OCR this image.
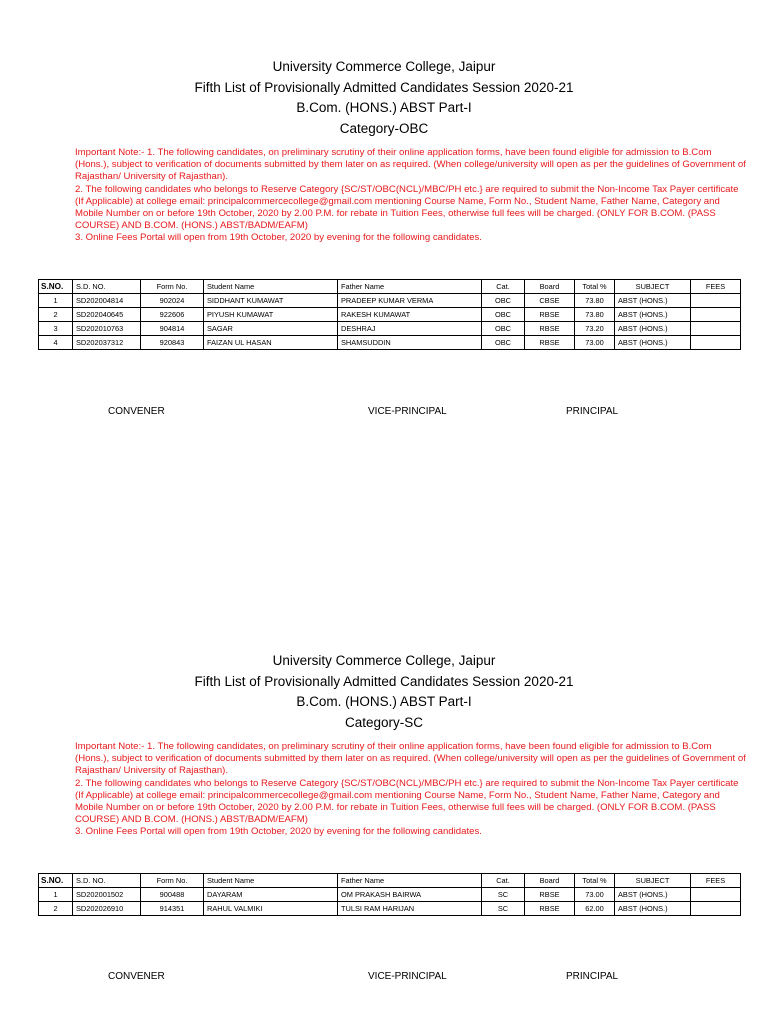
University Commerce College, Jaipur

Fifth List of Provisionally Admitted Candidates Session 2020-21

B.Com. (HONS.) ABST Part-I

Category-OBC

Important Note:- 1. The following candidates, on preliminary scrutiny of their online application forms, have been found eligible for admission to B.Com (Hons.), subject to verification of documents submitted by them later on as required. (When college/university will open as per the guidelines of Government of Rajasthan/ University of Rajasthan).

2. The following candidates who belongs to Reserve Category {SC/ST/OBC(NCL)/MBC/PH etc.} are required to submit the Non-Income Tax Payer certificate (If Applicable) at college email: principalcommercecollege@gmail.com mentioning Course Name, Form No., Student Name, Father Name, Category and Mobile Number on or before 19th October, 2020 by 2.00 P.M. for rebate in Tuition Fees, otherwise full fees will be charged. (ONLY FOR B.COM. (PASS COURSE) AND B.COM. (HONS.) ABST/BADM/EAFM)

3. Online Fees Portal will open from 19th October, 2020 by evening for the following candidates.

S.NO.	S.D. NO.	Form No.	Student Name	Father Name	Cat.	Board	Total %	SUBJECT	FEES
1	SD202004814	902024	SIDDHANT KUMAWAT	PRADEEP KUMAR VERMA	OBC	CBSE	73.80	ABST (HONS.)	
2	SD202040645	922606	PIYUSH KUMAWAT	RAKESH KUMAWAT	OBC	RBSE	73.80	ABST (HONS.)	
3	SD202010763	904814	SAGAR	DESHRAJ	OBC	RBSE	73.20	ABST (HONS.)	
4	SD202037312	920843	FAIZAN UL HASAN	SHAMSUDDIN	OBC	RBSE	73.00	ABST (HONS.)	
CONVENER	VICE-PRINCIPAL	PRINCIPAL

University Commerce College, Jaipur

Fifth List of Provisionally Admitted Candidates Session 2020-21

B.Com. (HONS.) ABST Part-I

Category-SC

Important Note:- 1. The following candidates, on preliminary scrutiny of their online application forms, have been found eligible for admission to B.Com (Hons.), subject to verification of documents submitted by them later on as required. (When college/university will open as per the guidelines of Government of Rajasthan/ University of Rajasthan).

2. The following candidates who belongs to Reserve Category {SC/ST/OBC(NCL)/MBC/PH etc.} are required to submit the Non-Income Tax Payer certificate (If Applicable) at college email: principalcommercecollege@gmail.com mentioning Course Name, Form No., Student Name, Father Name, Category and Mobile Number on or before 19th October, 2020 by 2.00 P.M. for rebate in Tuition Fees, otherwise full fees will be charged. (ONLY FOR B.COM. (PASS COURSE) AND B.COM. (HONS.) ABST/BADM/EAFM)

3. Online Fees Portal will open from 19th October, 2020 by evening for the following candidates.

S.NO.	S.D. NO.	Form No.	Student Name	Father Name	Cat.	Board	Total %	SUBJECT	FEES
1	SD202001502	900488	DAYARAM	OM PRAKASH BAIRWA	SC	RBSE	73.00	ABST (HONS.)	
2	SD202026910	914351	RAHUL VALMIKI	TULSI RAM HARIJAN	SC	RBSE	62.00	ABST (HONS.)	
CONVENER	VICE-PRINCIPAL	PRINCIPAL
